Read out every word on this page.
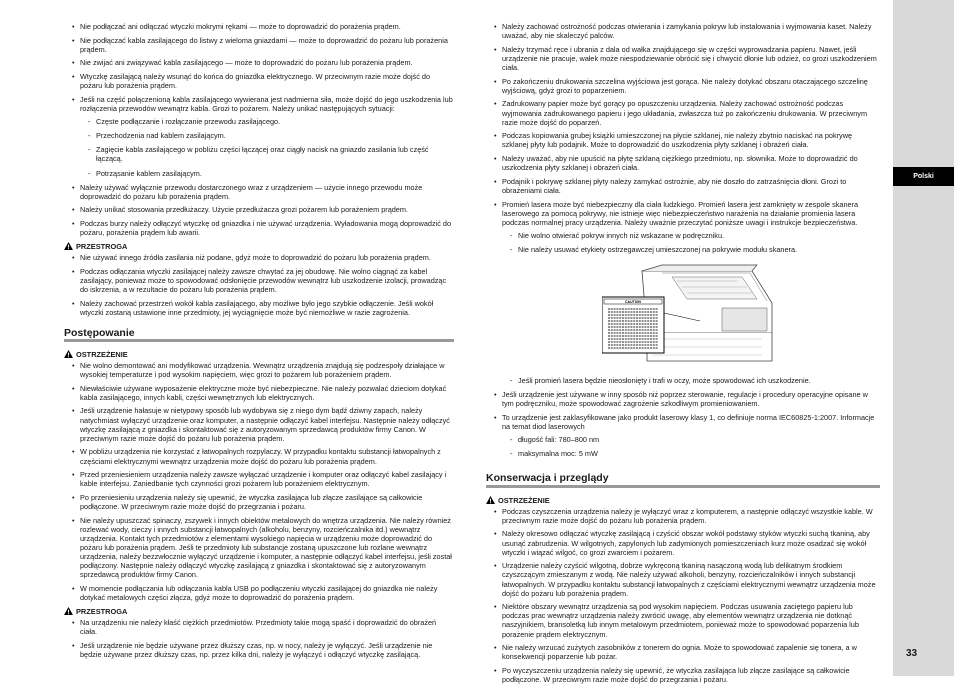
Polski
• Nie podłączać ani odłączać wtyczki mokrymi rękami — może to doprowadzić do porażenia prądem.
• Nie podłączać kabla zasilającego do listwy z wieloma gniazdami — może to doprowadzić do pożaru lub porażenia prądem.
• Nie zwijać ani związywać kabla zasilającego — może to doprowadzić do pożaru lub porażenia prądem.
• Wtyczkę zasilającą należy wsunąć do końca do gniazdka elektrycznego. W przeciwnym razie może dojść do pożaru lub porażenia prądem.
• Jeśli na część połączenioną kabla zasilającego wywierana jest nadmierna siła, może dojść do jego uszkodzenia lub rozłączenia przewodów wewnątrz kabla. Grozi to pożarem. Należy unikać następujących sytuacji:
- Częste podłączanie i rozłączanie przewodu zasilającego.
- Przechodzenia nad kablem zasilającym.
- Zagięcie kabla zasilającego w pobliżu części łączącej oraz ciągły nacisk na gniazdo zasilania lub część łączącą.
- Potrząsanie kablem zasilającym.
• Należy używać wyłącznie przewodu dostarczonego wraz z urządzeniem — użycie innego przewodu może doprowadzić do pożaru lub porażenia prądem.
• Należy unikać stosowania przedłużaczy. Użycie przedłużacza grozi pożarem lub porażeniem prądem.
• Podczas burzy należy odłączyć wtyczkę od gniazdka i nie używać urządzenia. Wyładowania mogą doprowadzić do pożaru, porażenia prądem lub awarii.
PRZESTROGA
• Nie używać innego źródła zasilania niż podane, gdyż może to doprowadzić do pożaru lub porażenia prądem.
• Podczas odłączania wtyczki zasilającej należy zawsze chwytać za jej obudowę. Nie wolno ciągnąć za kabel zasilający, ponieważ może to spowodować odsłonięcie przewodów wewnątrz lub uszkodzenie izolacji, prowadząc do iskrzenia, a w rezultacie do pożaru lub porażenia prądem.
• Należy zachować przestrzeń wokół kabla zasilającego, aby możliwe było jego szybkie odłączenie. Jeśli wokół wtyczki zostaną ustawione inne przedmioty, jej wyciągnięcie może być niemożliwe w razie zagrożenia.
Postępowanie
OSTRZEŻENIE
• Nie wolno demontować ani modyfikować urządzenia. Wewnątrz urządzenia znajdują się podzespoły działające w wysokiej temperaturze i pod wysokim napięciem, więc grozi to pożarem lub porażeniem prądem.
• Niewłaściwie używane wyposażenie elektryczne może być niebezpieczne. Nie należy pozwalać dzieciom dotykać kabla zasilającego, innych kabli, części wewnętrznych lub elektrycznych.
• Jeśli urządzenie hałasuje w nietypowy sposób lub wydobywa się z niego dym bądź dziwny zapach, należy natychmiast wyłączyć urządzenie oraz komputer, a następnie odłączyć kabel interfejsu. Następnie należy odłączyć wtyczkę zasilającą z gniazdka i skontaktować się z autoryzowanym sprzedawcą produktów firmy Canon. W przeciwnym razie może dojść do pożaru lub porażenia prądem.
• W pobliżu urządzenia nie korzystać z łatwopalnych rozpylaczy. W przypadku kontaktu substancji łatwopalnych z częściami elektrycznymi wewnątrz urządzenia może dojść do pożaru lub porażenia prądem.
• Przed przeniesieniem urządzenia należy zawsze wyłączać urządzenie i komputer oraz odłączyć kabel zasilający i kable interfejsu. Zaniedbanie tych czynności grozi pożarem lub porażeniem elektrycznym.
• Po przeniesieniu urządzenia należy się upewnić, że wtyczka zasilająca lub złącze zasilające są całkowicie podłączone. W przeciwnym razie może dojść do przegrzania i pożaru.
• Nie należy upuszczać spinaczy, zszywek i innych obiektów metalowych do wnętrza urządzenia. Nie należy również rozlewać wody, cieczy i innych substancji łatwopalnych (alkoholu, benzyny, rozcieńczalnika itd.) wewnątrz urządzenia. Kontakt tych przedmiotów z elementami wysokiego napięcia w urządzeniu może doprowadzić do pożaru lub porażenia prądem. Jeśli te przedmioty lub substancje zostaną upuszczone lub rozlane wewnątrz urządzenia, należy bezzwłocznie wyłączyć urządzenie i komputer, a następnie odłączyć kabel interfejsu, jeśli został podłączony. Następnie należy odłączyć wtyczkę zasilającą z gniazdka i skontaktować się z autoryzowanym sprzedawcą produktów firmy Canon.
• W momencie podłączania lub odłączania kabla USB po podłączeniu wtyczki zasilającej do gniazdka nie należy dotykać metalowych części złącza, gdyż może to doprowadzić do porażenia prądem.
PRZESTROGA
• Na urządzeniu nie należy kłaść ciężkich przedmiotów. Przedmioty takie mogą spaść i doprowadzić do obrażeń ciała.
• Jeśli urządzenie nie będzie używane przez dłuższy czas, np. w nocy, należy je wyłączyć. Jeśli urządzenie nie będzie używane przez dłuższy czas, np. przez kilka dni, należy je wyłączyć i odłączyć wtyczkę zasilającą.
• Należy zachować ostrożność podczas otwierania i zamykania pokryw lub instalowania i wyjmowania kaset. Należy uważać, aby nie skaleczyć palców.
• Należy trzymać ręce i ubrania z dala od wałka znajdującego się w części wyprowadzania papieru. Nawet, jeśli urządzenie nie pracuje, wałek może niespodziewanie obrócić się i chwycić dłonie lub odzież, co grozi uszkodzeniem ciała.
• Po zakończeniu drukowania szczelina wyjściowa jest gorąca. Nie należy dotykać obszaru otaczającego szczelinę wyjściową, gdyż grozi to poparzeniem.
• Zadrukowany papier może być gorący po opuszczeniu urządzenia. Należy zachować ostrożność podczas wyjmowania zadrukowanego papieru i jego układania, zwłaszcza tuż po zakończeniu drukowania. W przeciwnym razie może dojść do poparzeń.
• Podczas kopiowania grubej książki umieszczonej na płycie szklanej, nie należy zbytnio naciskać na pokrywę szklanej płyty lub podajnik. Może to doprowadzić do uszkodzenia płyty szklanej i obrażeń ciała.
• Należy uważać, aby nie upuścić na płytę szklaną ciężkiego przedmiotu, np. słownika. Może to doprowadzić do uszkodzenia płyty szklanej i obrażeń ciała.
• Podajnik i pokrywę szklanej płyty należy zamykać ostrożnie, aby nie doszło do zatrzaśnięcia dłoni. Grozi to obrażeniami ciała.
• Promień lasera może być niebezpieczny dla ciała ludzkiego. Promień lasera jest zamknięty w zespole skanera laserowego za pomocą pokrywy, nie istnieje więc niebezpieczeństwo narażenia na działanie promienia lasera podczas normalnej pracy urządzenia. Należy uważnie przeczytać poniższe uwagi i instrukcje bezpieczeństwa.
- Nie wolno otwierać pokryw innych niż wskazane w podręczniku.
- Nie należy usuwać etykiety ostrzegawczej umieszczonej na pokrywie modułu skanera.
CAUTION
- Jeśli promień lasera będzie nieosłonięty i trafi w oczy, może spowodować ich uszkodzenie.
• Jeśli urządzenie jest używane w inny sposób niż poprzez sterowanie, regulacje i procedury operacyjne opisane w tym podręczniku, może spowodować zagrożenie szkodliwym promieniowaniem.
• To urządzenie jest zaklasyfikowane jako produkt laserowy klasy 1, co definiuje norma IEC60825-1:2007. Informacje na temat diod laserowych
- długość fali: 780–800 nm
- maksymalna moc: 5 mW
Konserwacja i przeglądy
OSTRZEŻENIE
• Podczas czyszczenia urządzenia należy je wyłączyć wraz z komputerem, a następnie odłączyć wszystkie kable. W przeciwnym razie może dojść do pożaru lub porażenia prądem.
• Należy okresowo odłączać wtyczkę zasilającą i czyścić obszar wokół podstawy styków wtyczki suchą tkaniną, aby usunąć zabrudzenia. W wilgotnych, zapylonych lub zadymionych pomieszczeniach kurz może osadzać się wokół wtyczki i wiązać wilgoć, co grozi zwarciem i pożarem.
• Urządzenie należy czyścić wilgotną, dobrze wykręconą tkaniną nasączoną wodą lub delikatnym środkiem czyszczącym zmieszanym z wodą. Nie należy używać alkoholi, benzyny, rozcieńczalników i innych substancji łatwopalnych. W przypadku kontaktu substancji łatwopalnych z częściami elektrycznymi wewnątrz urządzenia może dojść do pożaru lub porażenia prądem.
• Niektóre obszary wewnątrz urządzenia są pod wysokim napięciem. Podczas usuwania zaciętego papieru lub podczas prac wewnątrz urządzenia należy zwrócić uwagę, aby elementów wewnątrz urządzenia nie dotknąć naszyjnikiem, bransoletką lub innym metalowym przedmiotem, ponieważ może to spowodować poparzenia lub porażenie prądem elektrycznym.
• Nie należy wrzucać zużytych zasobników z tonerem do ognia. Może to spowodować zapalenie się tonera, a w konsekwencji poparzenie lub pożar.
• Po wyczyszczeniu urządzenia należy się upewnić, że wtyczka zasilająca lub złącze zasilające są całkowicie podłączone. W przeciwnym razie może dojść do przegrzania i pożaru.
33
